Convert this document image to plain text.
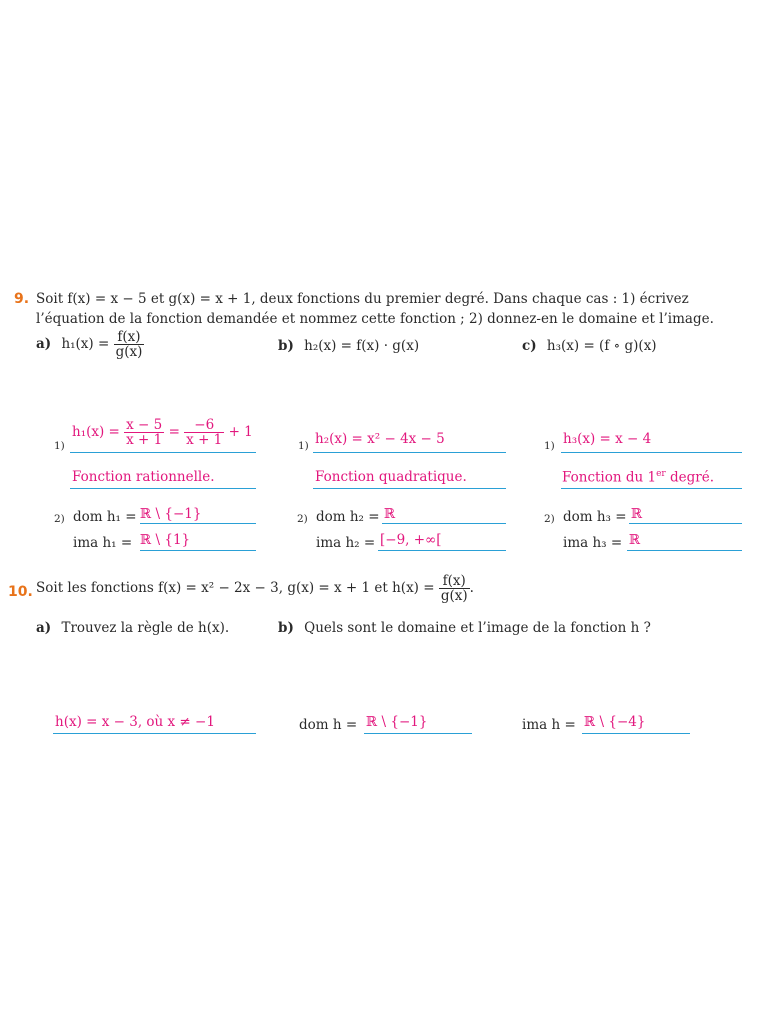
9. Soit f(x) = x − 5 et g(x) = x + 1, deux fonctions du premier degré. Dans chaque cas : 1) écrivez
l’équation de la fonction demandée et nommez cette fonction ; 2) donnez-en le domaine et l’image.
a) $h_1(x) = \frac{f(x)}{g(x)}$	b) h₂(x) = f(x) · g(x)	c) h₃(x) = (f ∘ g)(x)
1)
$h_1(x) = \frac{x - 5}{x + 1} = \frac{-6}{x + 1} + 1$
Fonction rationnelle.
2) dom h₁ = ℝ \ {−1}
ima h₁ = ℝ \ {1}
1) h₂(x) = x² − 4x − 5
Fonction quadratique.
2) dom h₂ = ℝ
ima h₂ = [−9, +∞[
1) h₃(x) = x − 4
Fonction du 1er degré.
2) dom h₃ = ℝ
ima h₃ = ℝ
10. Soit les fonctions f(x) = x² − 2x − 3, g(x) = x + 1 et $h(x) = \frac{f(x)}{g(x)}$ .
a) Trouvez la règle de h(x).	b) Quels sont le domaine et l’image de la fonction h ?
h(x) = x − 3, où x ≠ −1	dom h = ℝ \ {−1}	ima h = ℝ \ {−4}
